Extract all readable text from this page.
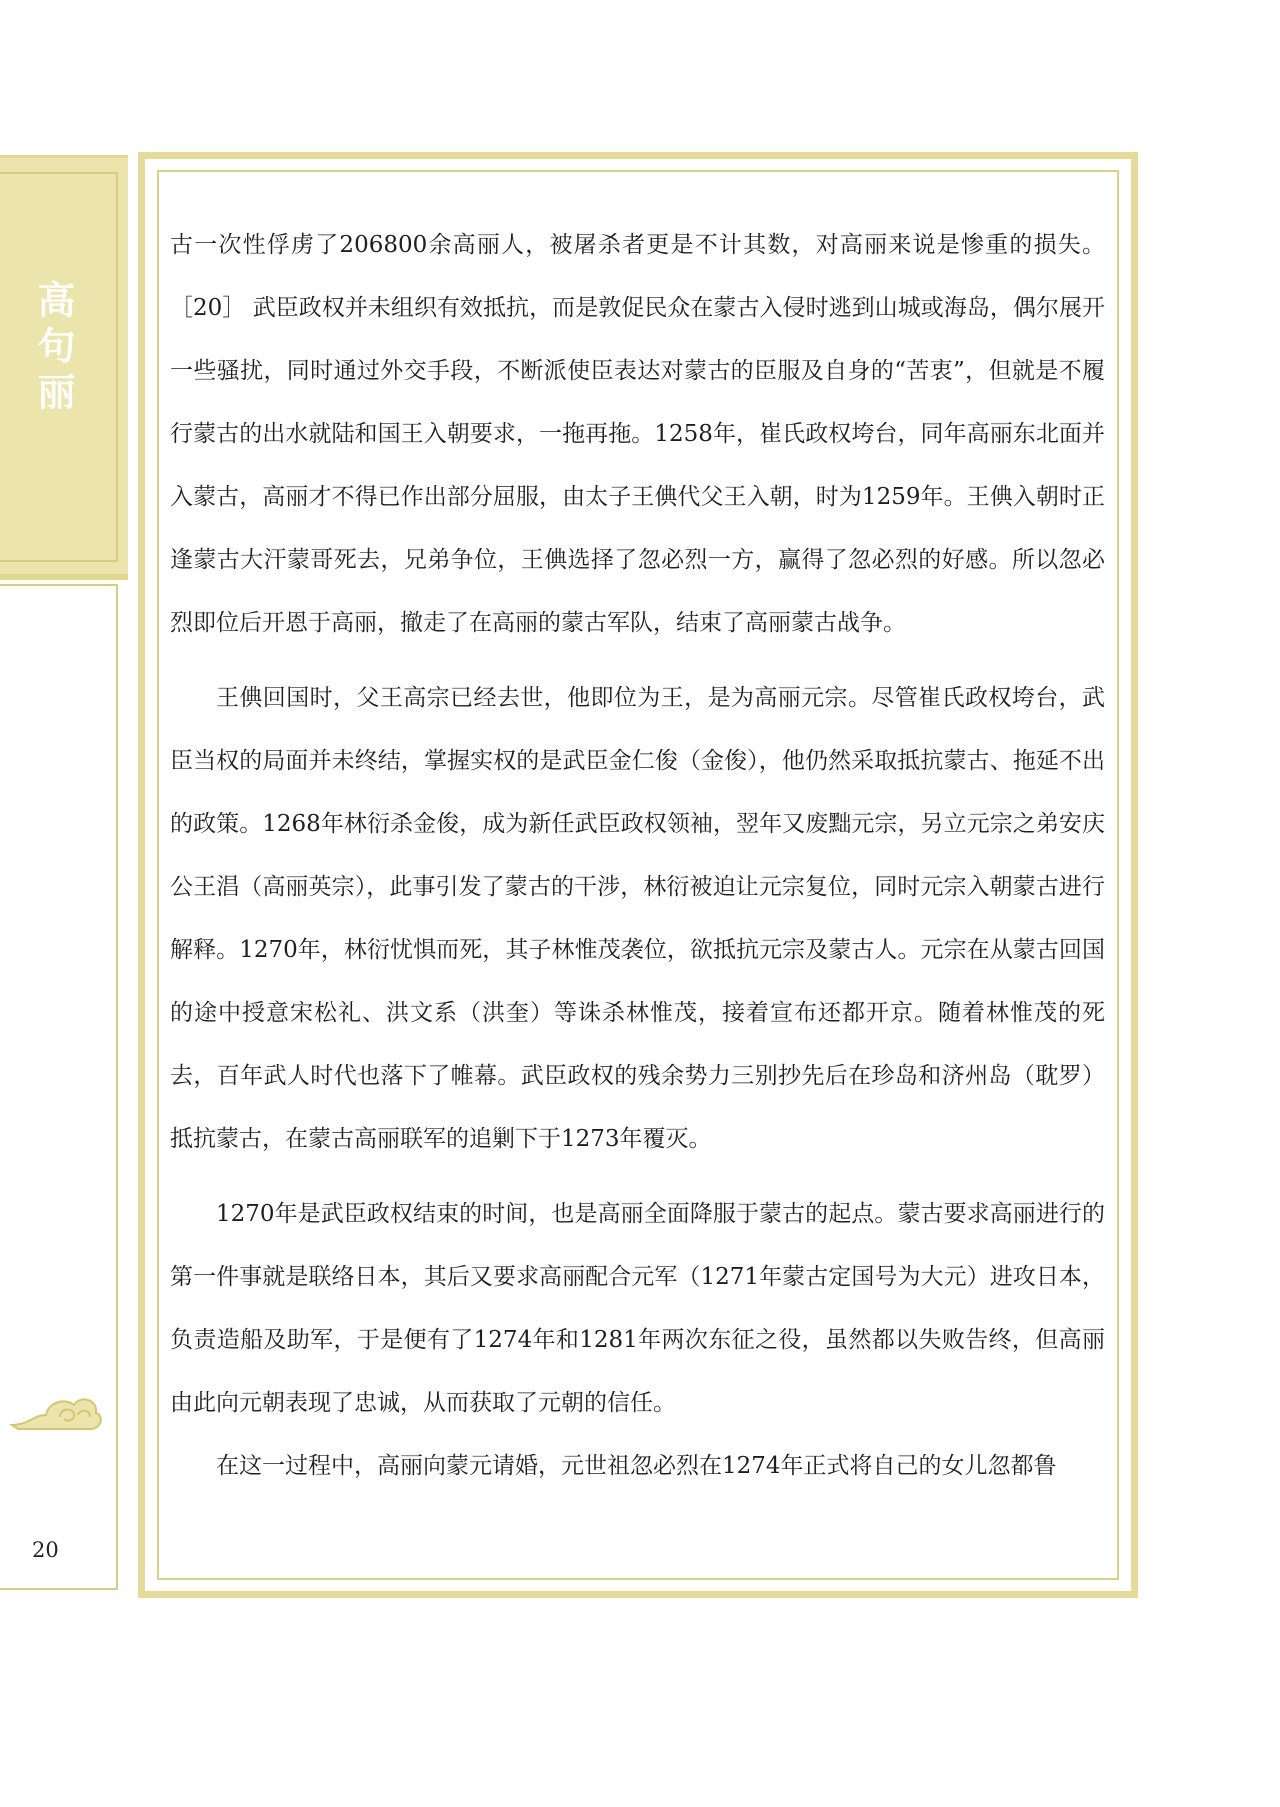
高句丽
20

古一次性俘虏了206800余高丽人，被屠杀者更是不计其数，对高丽来说是惨重的损失。［20］ 武臣政权并未组织有效抵抗，而是敦促民众在蒙古入侵时逃到山城或海岛，偶尔展开一些骚扰，同时通过外交手段，不断派使臣表达对蒙古的臣服及自身的“苦衷”，但就是不履行蒙古的出水就陆和国王入朝要求，一拖再拖。1258年，崔氏政权垮台，同年高丽东北面并入蒙古，高丽才不得已作出部分屈服，由太子王倎代父王入朝，时为1259年。王倎入朝时正逢蒙古大汗蒙哥死去，兄弟争位，王倎选择了忽必烈一方，赢得了忽必烈的好感。所以忽必烈即位后开恩于高丽，撤走了在高丽的蒙古军队，结束了高丽蒙古战争。

王倎回国时，父王高宗已经去世，他即位为王，是为高丽元宗。尽管崔氏政权垮台，武臣当权的局面并未终结，掌握实权的是武臣金仁俊（金俊），他仍然采取抵抗蒙古、拖延不出的政策。1268年林衍杀金俊，成为新任武臣政权领袖，翌年又废黜元宗，另立元宗之弟安庆公王淐（高丽英宗），此事引发了蒙古的干涉，林衍被迫让元宗复位，同时元宗入朝蒙古进行解释。1270年，林衍忧惧而死，其子林惟茂袭位，欲抵抗元宗及蒙古人。元宗在从蒙古回国的途中授意宋松礼、洪文系（洪奎）等诛杀林惟茂，接着宣布还都开京。随着林惟茂的死去，百年武人时代也落下了帷幕。武臣政权的残余势力三别抄先后在珍岛和济州岛（耽罗）抵抗蒙古，在蒙古高丽联军的追剿下于1273年覆灭。

1270年是武臣政权结束的时间，也是高丽全面降服于蒙古的起点。蒙古要求高丽进行的第一件事就是联络日本，其后又要求高丽配合元军（1271年蒙古定国号为大元）进攻日本，负责造船及助军，于是便有了1274年和1281年两次东征之役，虽然都以失败告终，但高丽由此向元朝表现了忠诚，从而获取了元朝的信任。

在这一过程中，高丽向蒙元请婚，元世祖忽必烈在1274年正式将自己的女儿忽都鲁
